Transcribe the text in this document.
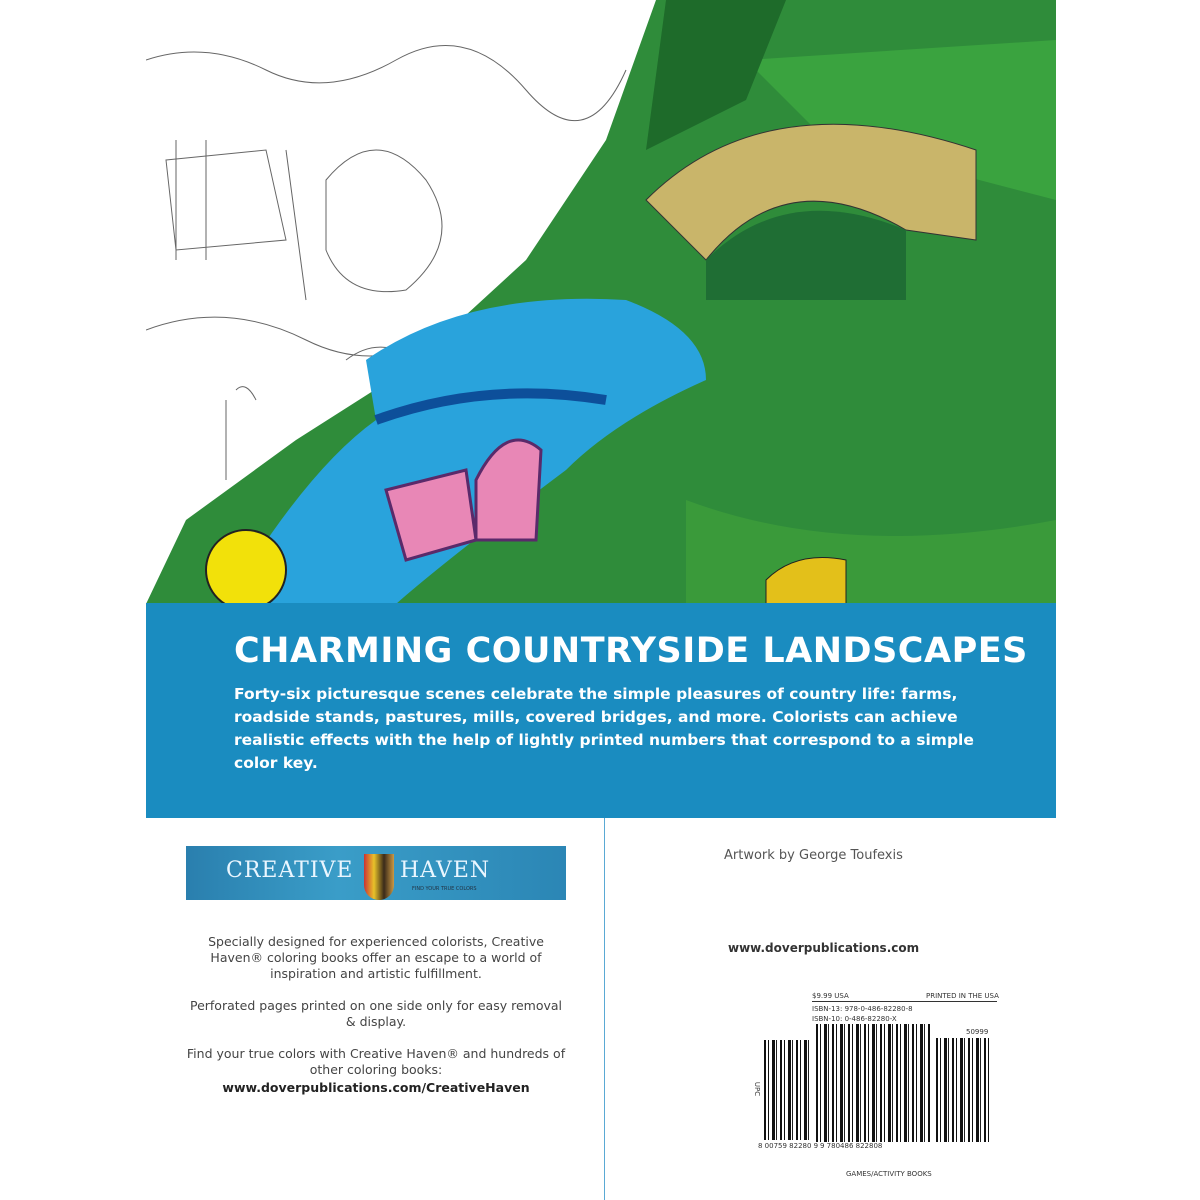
CHARMING COUNTRYSIDE LANDSCAPES
Forty-six picturesque scenes celebrate the simple pleasures of country life: farms, roadside stands, pastures, mills, covered bridges, and more. Colorists can achieve realistic effects with the help of lightly printed numbers that correspond to a simple color key.
CREATIVE HAVEN
FIND YOUR TRUE COLORS
Specially designed for experienced colorists, Creative Haven® coloring books offer an escape to a world of inspiration and artistic fulfillment.
Perforated pages printed on one side only for easy removal & display.
Find your true colors with Creative Haven® and hundreds of other coloring books:
www.doverpublications.com/CreativeHaven
Artwork by George Toufexis
www.doverpublications.com
$9.99 USA	PRINTED IN THE USA
ISBN-13: 978-0-486-82280-8
ISBN-10: 0-486-82280-X
50999
UPC
8 00759 82280 9 9 780486 822808
GAMES/ACTIVITY BOOKS
